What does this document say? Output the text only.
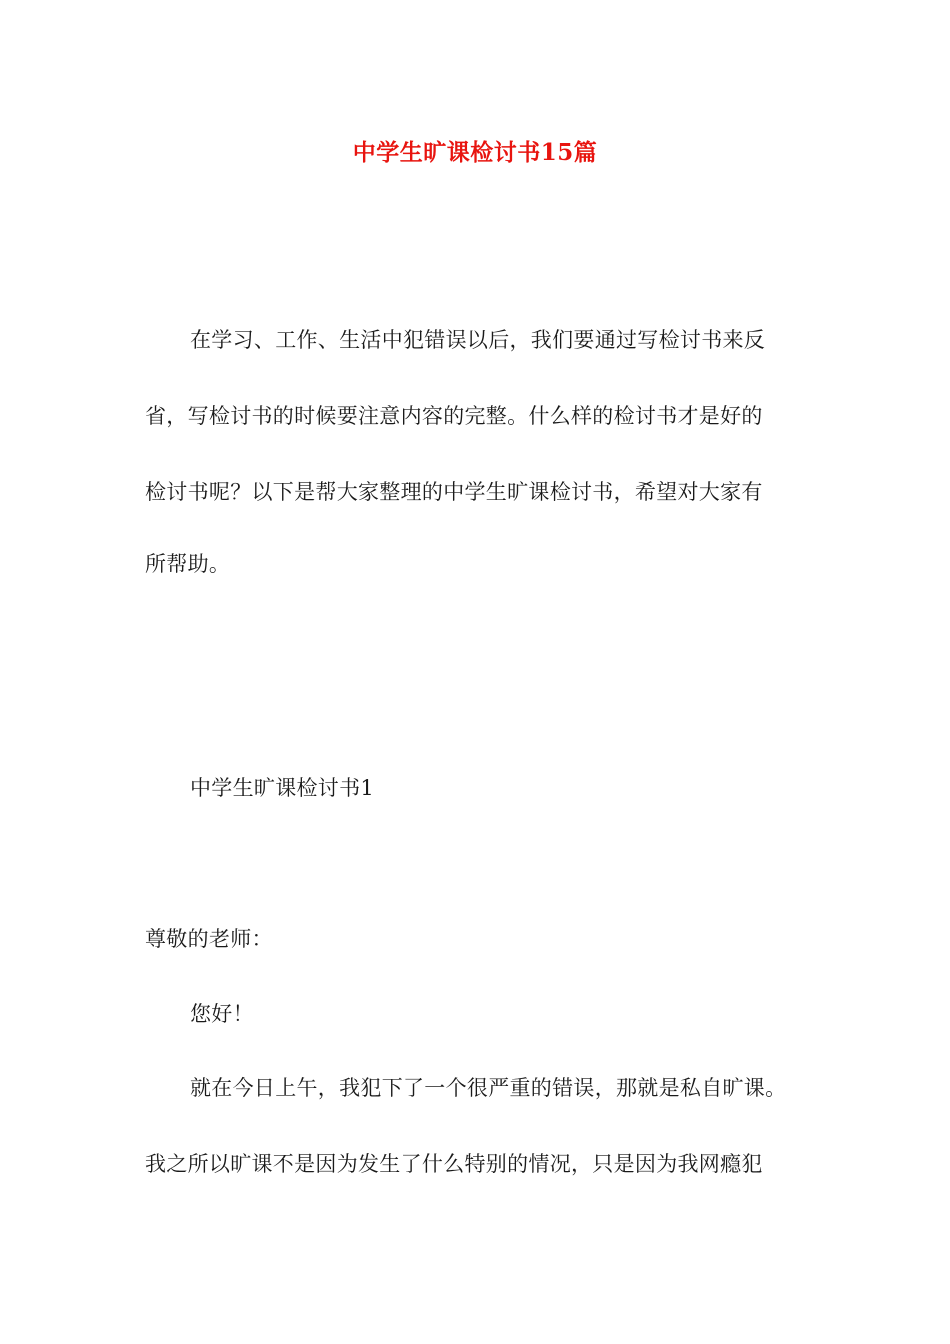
中学生旷课检讨书15篇
在学习、工作、生活中犯错误以后，我们要通过写检讨书来反
省，写检讨书的时候要注意内容的完整。什么样的检讨书才是好的
检讨书呢？以下是帮大家整理的中学生旷课检讨书，希望对大家有
所帮助。
中学生旷课检讨书1
尊敬的老师：
您好！
就在今日上午，我犯下了一个很严重的错误，那就是私自旷课。
我之所以旷课不是因为发生了什么特别的情况，只是因为我网瘾犯
